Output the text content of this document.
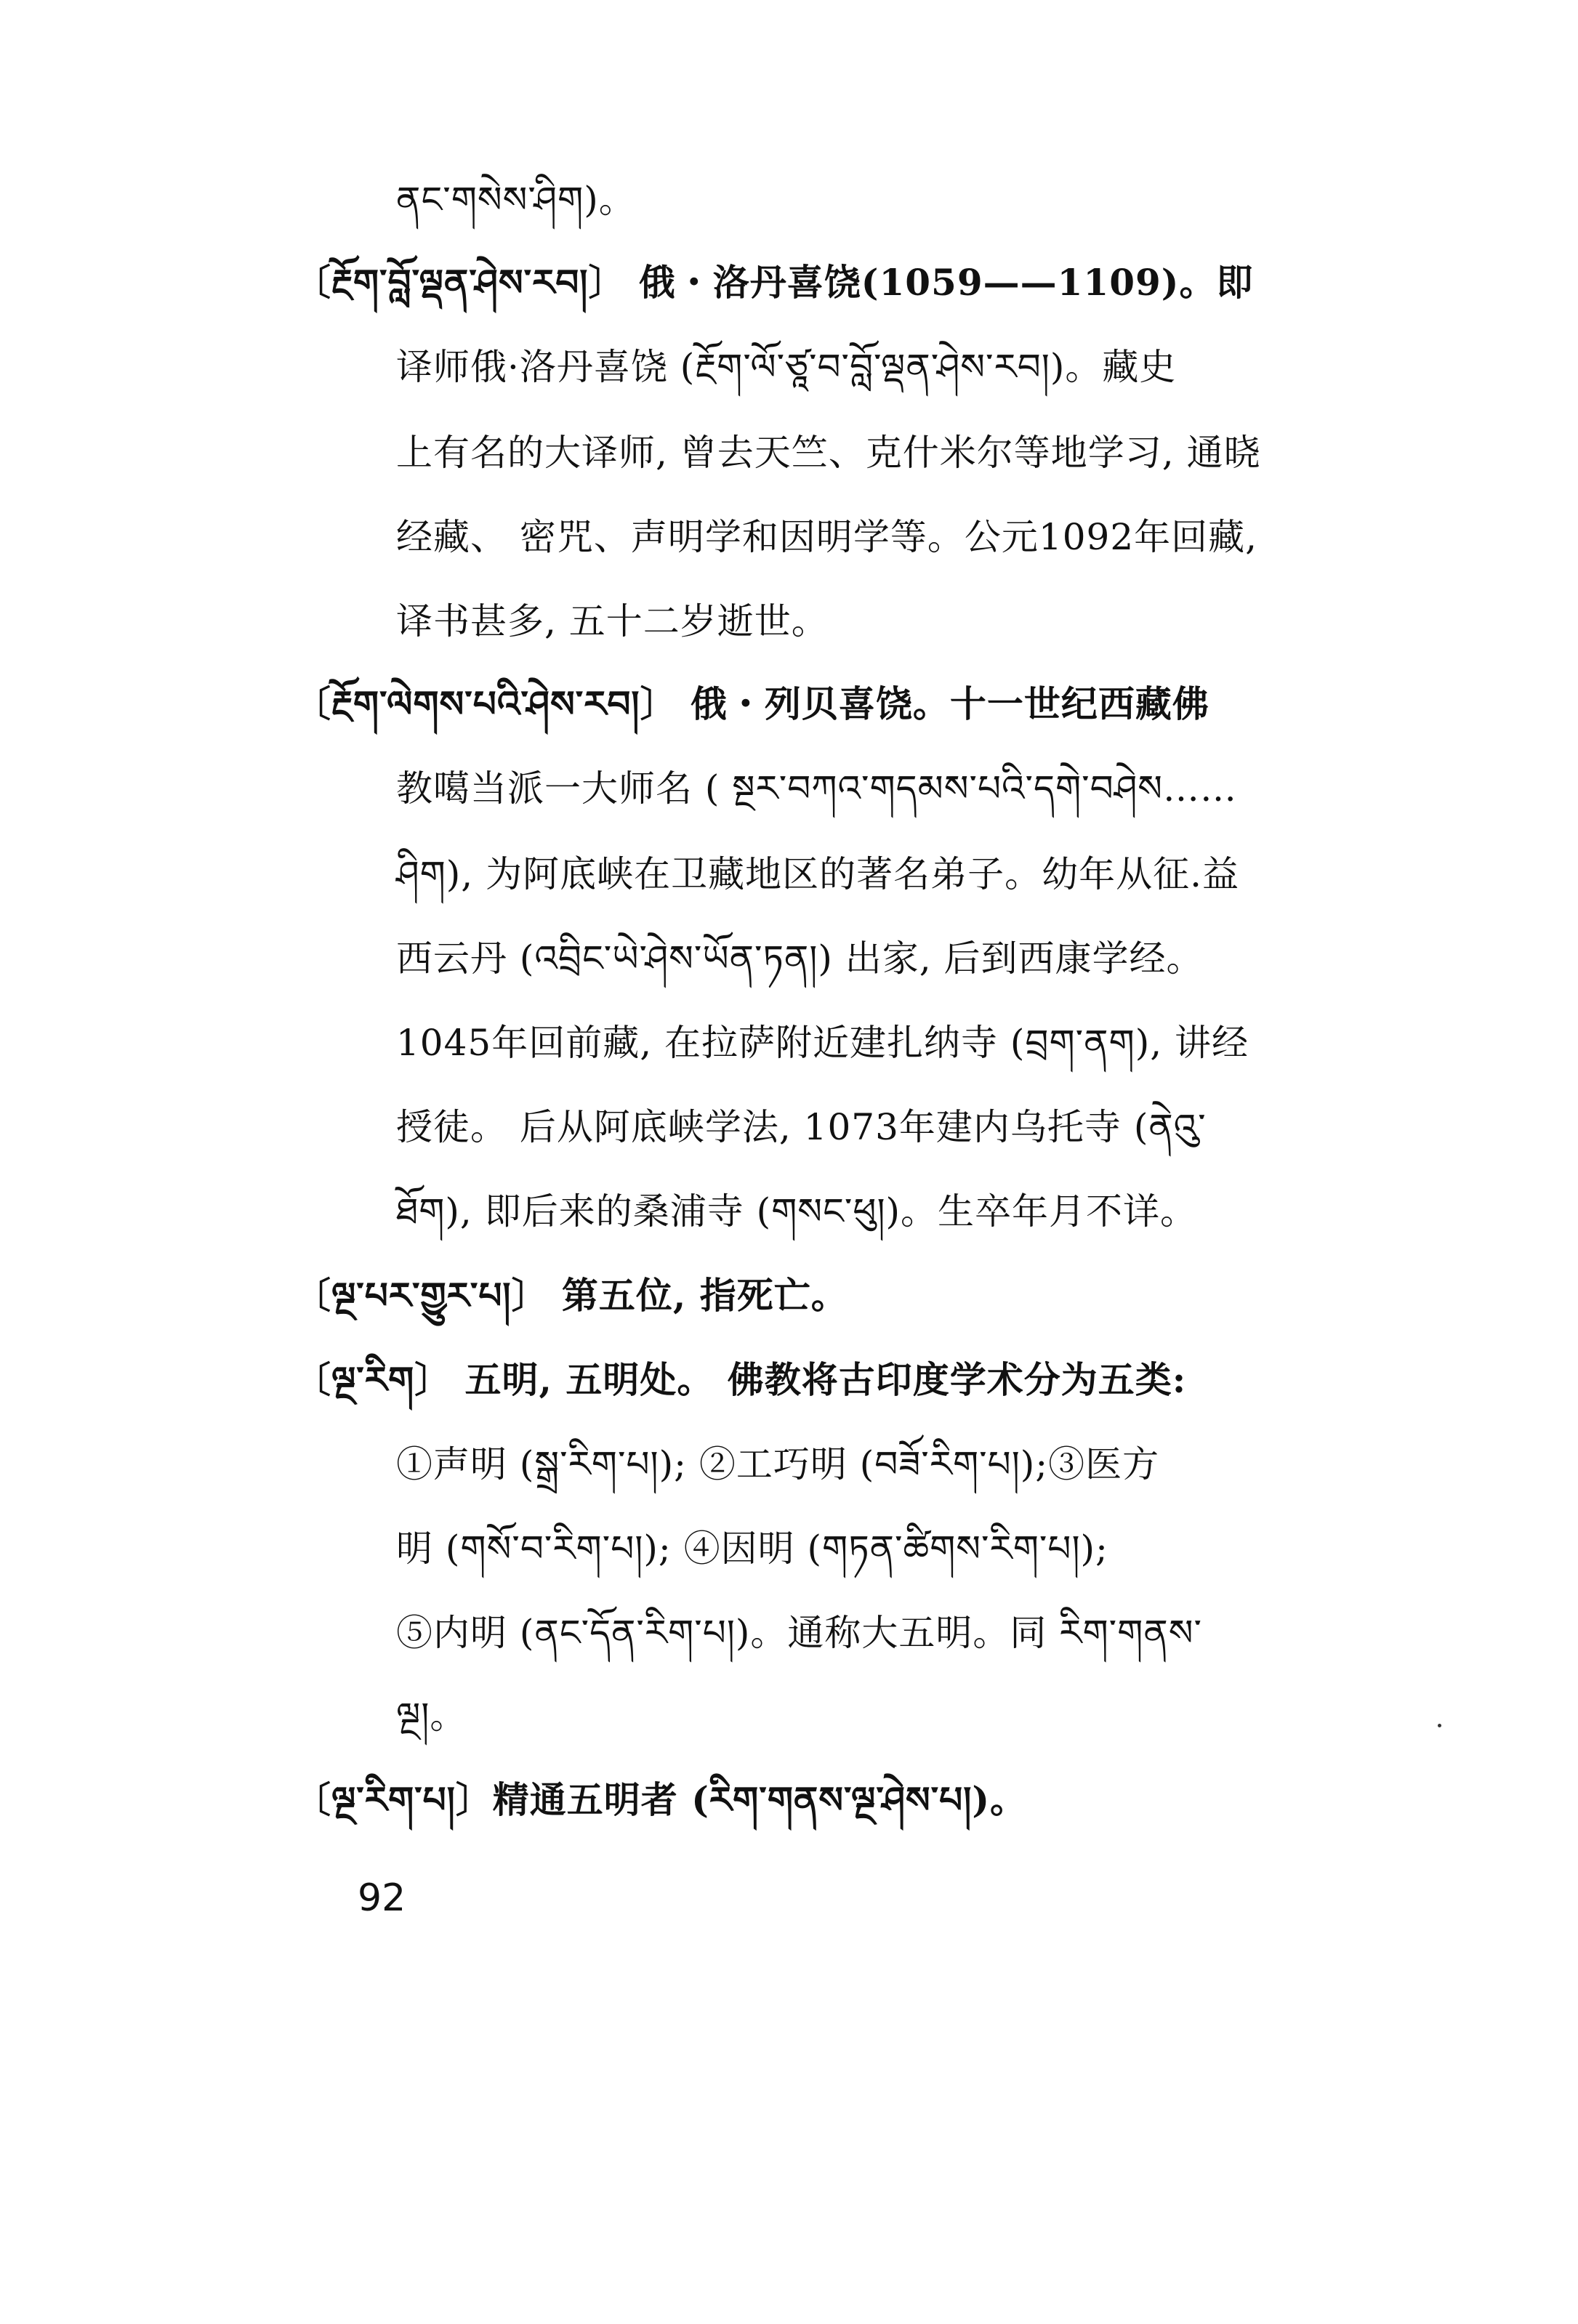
ནང་གསེས་ཤིག)。
〔རྔོག་བློ་ལྡན་ཤེས་རབ།〕 俄・洛丹喜饶(1059——1109)。即
译师俄·洛丹喜饶 (རྔོག་ལོ་ཙཱ་བ་བློ་ལྡན་ཤེས་རབ།)。藏史
上有名的大译师, 曾去天竺、克什米尔等地学习, 通晓
经藏、 密咒、声明学和因明学等。公元1092年回藏,
译书甚多, 五十二岁逝世。
〔རྔོག་ལེགས་པའི་ཤེས་རབ།〕 俄・列贝喜饶。十一世纪西藏佛
教噶当派一大师名 ( སྔར་བཀའ་གདམས་པའི་དགེ་བཤེས……
ཤིག), 为阿底峡在卫藏地区的著名弟子。幼年从征.益
西云丹 (འབྲིང་ཡེ་ཤེས་ཡོན་ཏན།) 出家, 后到西康学经。
1045年回前藏, 在拉萨附近建扎纳寺 (བྲག་ནག), 讲经
授徒。 后从阿底峡学法, 1073年建内乌托寺 (ནེའུ་
ཐོག), 即后来的桑浦寺 (གསང་ཕུ།)。生卒年月不详。
〔ལྔ་པར་གྱུར་པ།〕 第五位, 指死亡。
〔ལྔ་རིག〕 五明, 五明处。 佛教将古印度学术分为五类:
①声明 (སྒྲ་རིག་པ།); ②工巧明 (བཟོ་རིག་པ།);③医方
明 (གསོ་བ་རིག་པ།); ④因明 (གཏན་ཚིགས་རིག་པ།);
⑤内明 (ནང་དོན་རིག་པ།)。通称大五明。同 རིག་གནས་
ལྔ།。
〔ལྔ་རིག་པ།〕精通五明者 (རིག་གནས་ལྔ་ཤེས་པ།)。
92
